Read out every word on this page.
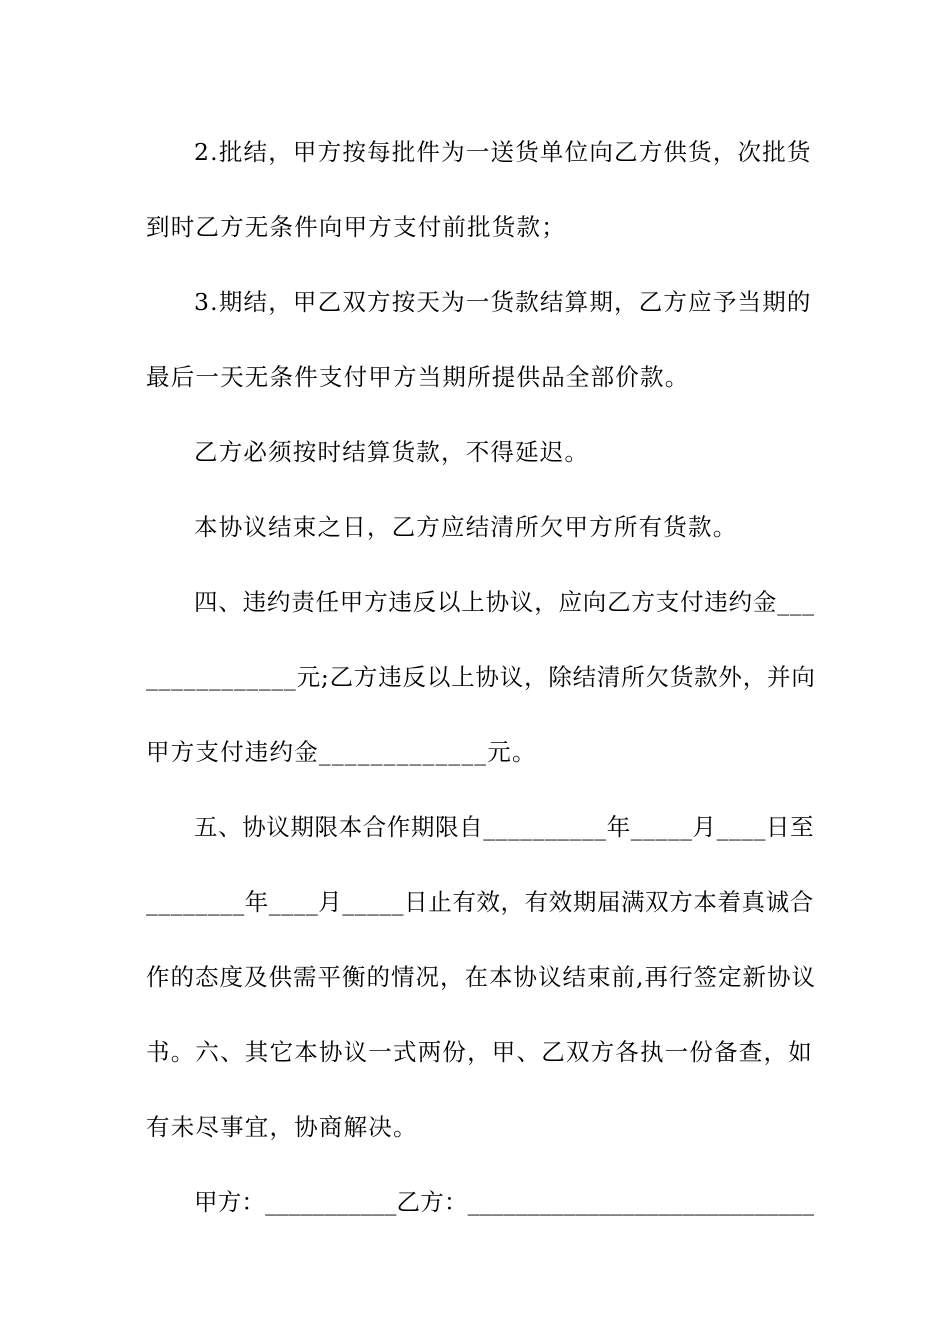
2.批结，甲方按每批件为一送货单位向乙方供货，次批货
到时乙方无条件向甲方支付前批货款；
3.期结，甲乙双方按天为一货款结算期，乙方应予当期的
最后一天无条件支付甲方当期所提供品全部价款。
乙方必须按时结算货款，不得延迟。
本协议结束之日，乙方应结清所欠甲方所有货款。
四、违约责任甲方违反以上协议，应向乙方支付违约金___
____________元;乙方违反以上协议，除结清所欠货款外，并向
甲方支付违约金_____________元。
五、协议期限本合作期限自__________年_____月____日至
________年____月_____日止有效，有效期届满双方本着真诚合
作的态度及供需平衡的情况，在本协议结束前,再行签定新协议
书。六、其它本协议一式两份，甲、乙双方各执一份备查，如
有未尽事宜，协商解决。
甲方：___________乙方：_____________________________
